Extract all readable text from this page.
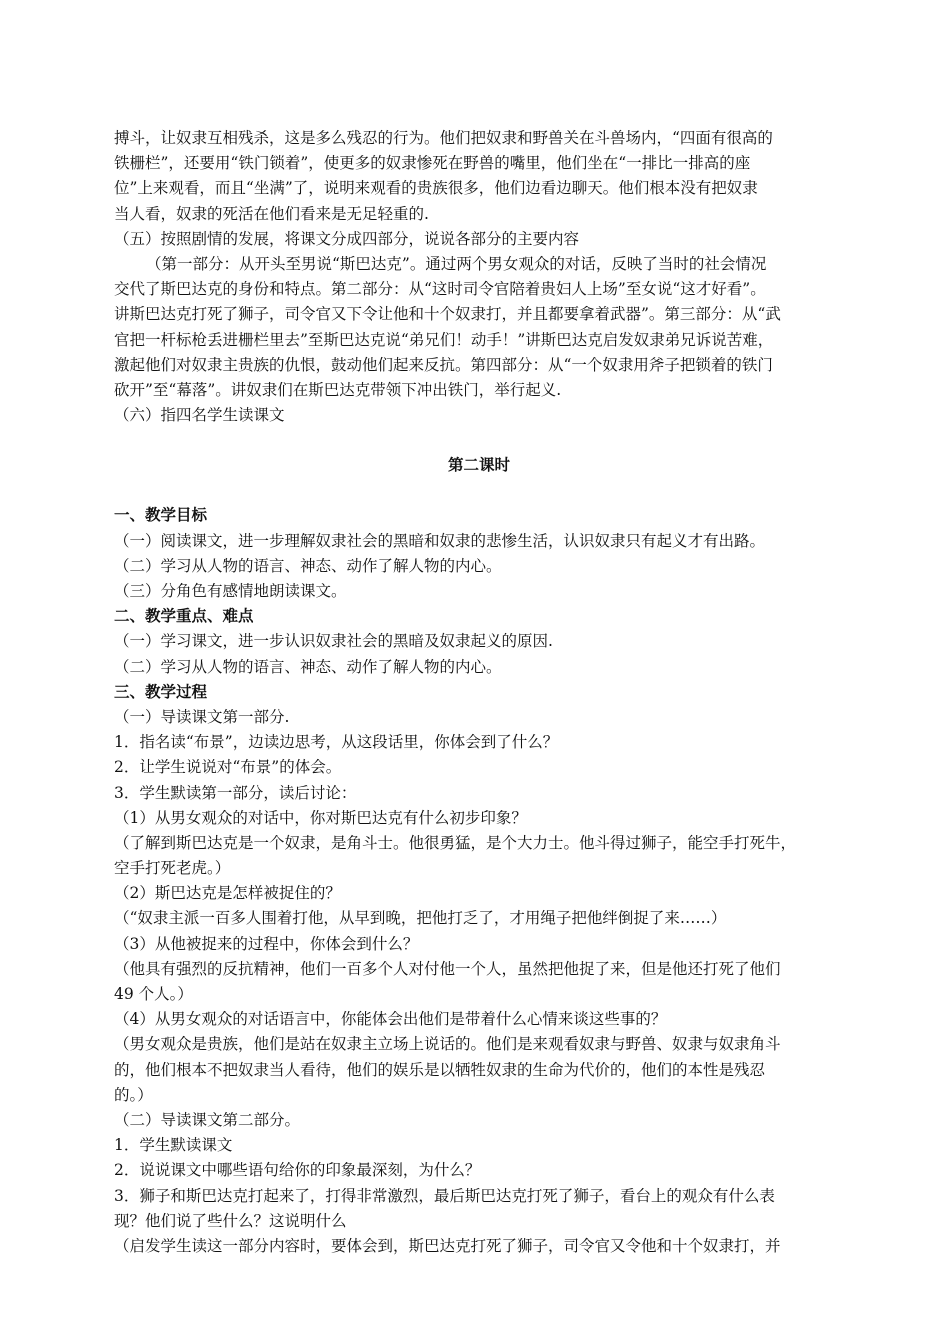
搏斗，让奴隶互相残杀，这是多么残忍的行为。他们把奴隶和野兽关在斗兽场内，“四面有很高的
铁栅栏”，还要用“铁门锁着”，使更多的奴隶惨死在野兽的嘴里，他们坐在“一排比一排高的座
位”上来观看，而且“坐满”了，说明来观看的贵族很多，他们边看边聊天。他们根本没有把奴隶
当人看，奴隶的死活在他们看来是无足轻重的.
（五）按照剧情的发展，将课文分成四部分，说说各部分的主要内容
（第一部分：从开头至男说“斯巴达克”。通过两个男女观众的对话，反映了当时的社会情况
交代了斯巴达克的身份和特点。第二部分：从“这时司令官陪着贵妇人上场”至女说“这才好看”。
讲斯巴达克打死了狮子，司令官又下令让他和十个奴隶打，并且都要拿着武器”。第三部分：从“武
官把一杆标枪丢进栅栏里去”至斯巴达克说“弟兄们！动手！”讲斯巴达克启发奴隶弟兄诉说苦难，
激起他们对奴隶主贵族的仇恨，鼓动他们起来反抗。第四部分：从“一个奴隶用斧子把锁着的铁门
砍开”至“幕落”。讲奴隶们在斯巴达克带领下冲出铁门，举行起义.
（六）指四名学生读课文
第二课时
一、教学目标
（一）阅读课文，进一步理解奴隶社会的黑暗和奴隶的悲惨生活，认识奴隶只有起义才有出路。
（二）学习从人物的语言、神态、动作了解人物的内心。
（三）分角色有感情地朗读课文。
二、教学重点、难点
（一）学习课文，进一步认识奴隶社会的黑暗及奴隶起义的原因.
（二）学习从人物的语言、神态、动作了解人物的内心。
三、教学过程
（一）导读课文第一部分.
1．指名读“布景”，边读边思考，从这段话里，你体会到了什么？
2．让学生说说对“布景”的体会。
3．学生默读第一部分，读后讨论：
（1）从男女观众的对话中，你对斯巴达克有什么初步印象？
（了解到斯巴达克是一个奴隶，是角斗士。他很勇猛，是个大力士。他斗得过狮子，能空手打死牛，
空手打死老虎。）
（2）斯巴达克是怎样被捉住的？
（“奴隶主派一百多人围着打他，从早到晚，把他打乏了，才用绳子把他绊倒捉了来……）
（3）从他被捉来的过程中，你体会到什么？
（他具有强烈的反抗精神，他们一百多个人对付他一个人，虽然把他捉了来，但是他还打死了他们
49 个人。）
（4）从男女观众的对话语言中，你能体会出他们是带着什么心情来谈这些事的？
（男女观众是贵族，他们是站在奴隶主立场上说话的。他们是来观看奴隶与野兽、奴隶与奴隶角斗
的，他们根本不把奴隶当人看待，他们的娱乐是以牺牲奴隶的生命为代价的，他们的本性是残忍
的。）
（二）导读课文第二部分。
1．学生默读课文
2．说说课文中哪些语句给你的印象最深刻，为什么？
3．狮子和斯巴达克打起来了，打得非常激烈，最后斯巴达克打死了狮子，看台上的观众有什么表
现？他们说了些什么？这说明什么
（启发学生读这一部分内容时，要体会到，斯巴达克打死了狮子，司令官又令他和十个奴隶打，并
